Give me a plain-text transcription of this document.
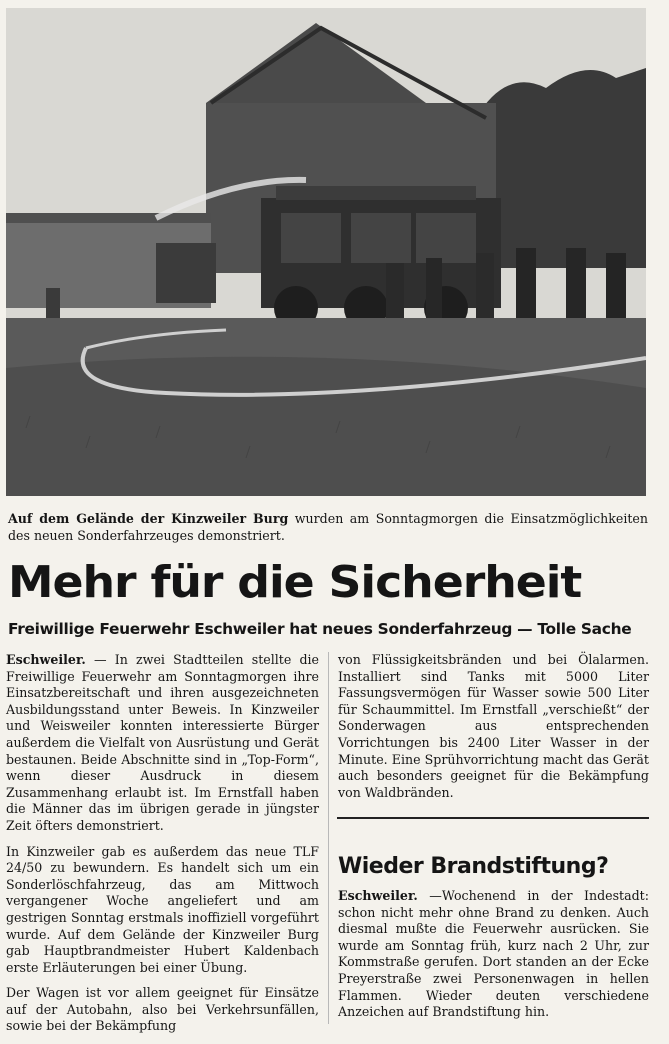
Auf dem Gelände der Kinzweiler Burg wurden am Sonntagmorgen die Einsatzmöglichkeiten des neuen Sonderfahrzeuges demonstriert.
Mehr für die Sicherheit
Freiwillige Feuerwehr Eschweiler hat neues Sonderfahrzeug — Tolle Sache

Eschweiler. — In zwei Stadtteilen stellte die Freiwillige Feuerwehr am Sonntagmorgen ihre Einsatzbereitschaft und ihren ausgezeichneten Ausbildungsstand unter Beweis. In Kinzweiler und Weisweiler konnten interessierte Bürger außerdem die Vielfalt von Ausrüstung und Gerät bestaunen. Beide Abschnitte sind in „Top-Form“, wenn dieser Ausdruck in diesem Zusammenhang erlaubt ist. Im Ernstfall haben die Männer das im übrigen gerade in jüngster Zeit öfters demonstriert.

In Kinzweiler gab es außerdem das neue TLF 24/50 zu bewundern. Es handelt sich um ein Sonderlöschfahrzeug, das am Mittwoch vergangener Woche angeliefert und am gestrigen Sonntag erstmals inoffiziell vorgeführt wurde. Auf dem Gelände der Kinzweiler Burg gab Hauptbrandmeister Hubert Kaldenbach erste Erläuterungen bei einer Übung.

Der Wagen ist vor allem geeignet für Einsätze auf der Autobahn, also bei Verkehrsunfällen, sowie bei der Bekämpfung

von Flüssigkeitsbränden und bei Ölalarmen. Installiert sind Tanks mit 5000 Liter Fassungsvermögen für Wasser sowie 500 Liter für Schaummittel. Im Ernstfall „verschießt“ der Sonderwagen aus entsprechenden Vorrichtungen bis 2400 Liter Wasser in der Minute. Eine Sprühvorrichtung macht das Gerät auch besonders geeignet für die Bekämpfung von Waldbränden.

Wieder Brandstiftung?
Eschweiler. —Wochenend in der Indestadt: schon nicht mehr ohne Brand zu denken. Auch diesmal mußte die Feuerwehr ausrücken. Sie wurde am Sonntag früh, kurz nach 2 Uhr, zur Kommstraße gerufen. Dort standen an der Ecke Preyerstraße zwei Personenwagen in hellen Flammen. Wieder deuten verschiedene Anzeichen auf Brandstiftung hin.
